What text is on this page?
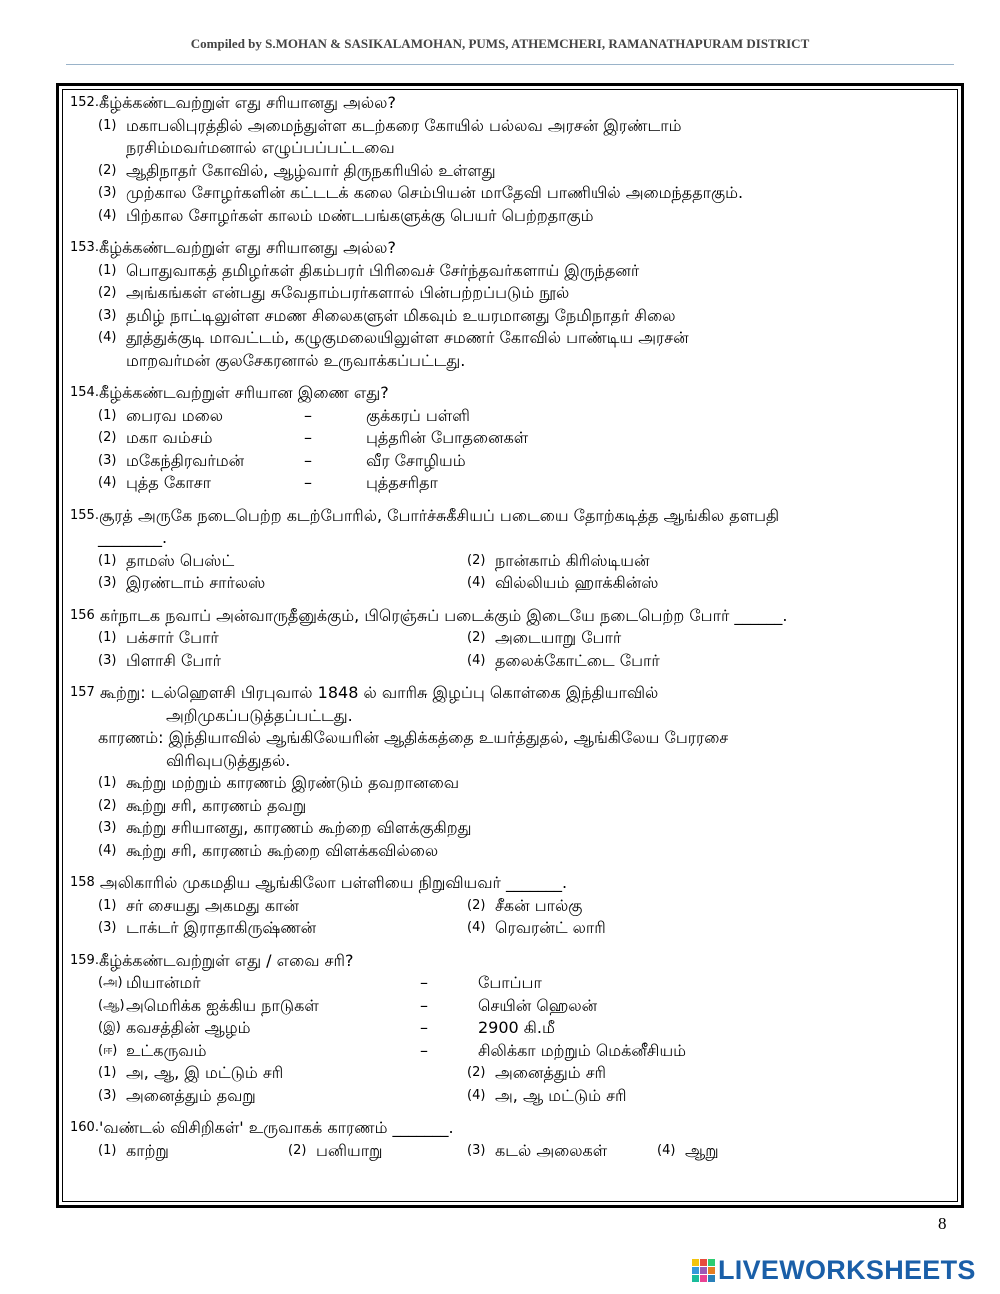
Compiled by S.MOHAN & SASIKALAMOHAN, PUMS, ATHEMCHERI, RAMANATHAPURAM DISTRICT
152. கீழ்க்கண்டவற்றுள் எது சரியானது அல்ல?
(1) மகாபலிபுரத்தில் அமைந்துள்ள கடற்கரை கோயில் பல்லவ அரசன் இரண்டாம்
நரசிம்மவர்மனால் எழுப்பப்பட்டவை
(2) ஆதிநாதர் கோவில், ஆழ்வார் திருநகரியில் உள்ளது
(3) முற்கால சோழர்களின் கட்டடக் கலை செம்பியன் மாதேவி பாணியில் அமைந்ததாகும்.
(4) பிற்கால சோழர்கள் காலம் மண்டபங்களுக்கு பெயர் பெற்றதாகும்
153. கீழ்க்கண்டவற்றுள் எது சரியானது அல்ல?
(1) பொதுவாகத் தமிழர்கள் திகம்பரர் பிரிவைச் சேர்ந்தவர்களாய் இருந்தனர்
(2) அங்கங்கள் என்பது சுவேதாம்பரர்களால் பின்பற்றப்படும் நூல்
(3) தமிழ் நாட்டிலுள்ள சமண சிலைகளுள் மிகவும் உயரமானது நேமிநாதர் சிலை
(4) தூத்துக்குடி மாவட்டம், கழுகுமலையிலுள்ள சமணர் கோவில் பாண்டிய அரசன்
மாறவர்மன் குலசேகரனால் உருவாக்கப்பட்டது.
154. கீழ்க்கண்டவற்றுள் சரியான இணை எது?
(1) பைரவ மலை	–	குக்கரப் பள்ளி
(2) மகா வம்சம்	–	புத்தரின் போதனைகள்
(3) மகேந்திரவர்மன்	–	வீர சோழியம்
(4) புத்த கோசா	–	புத்தசரிதா
155. சூரத் அருகே நடைபெற்ற கடற்போரில், போர்ச்சுகீசியப் படையை தோற்கடித்த ஆங்கில தளபதி
________.
(1) தாமஸ் பெஸ்ட்	(2) நான்காம் கிரிஸ்டியன்
(3) இரண்டாம் சார்லஸ்	(4) வில்லியம் ஹாக்கின்ஸ்
156
கர்நாடக நவாப் அன்வாருதீனுக்கும், பிரெஞ்சுப் படைக்கும் இடையே நடைபெற்ற போர் ______.
(1) பக்சார் போர்	(2) அடையாறு போர்
(3) பிளாசி போர்	(4) தலைக்கோட்டை போர்
157
கூற்று:
டல்ஹௌசி பிரபுவால் 1848 ல் வாரிசு இழப்பு கொள்கை இந்தியாவில்
அறிமுகப்படுத்தப்பட்டது.
காரணம்: இந்தியாவில் ஆங்கிலேயரின் ஆதிக்கத்தை உயர்த்துதல், ஆங்கிலேய பேரரசை
விரிவுபடுத்துதல்.
(1) கூற்று மற்றும் காரணம் இரண்டும் தவறானவை
(2) கூற்று சரி, காரணம் தவறு
(3) கூற்று சரியானது, காரணம் கூற்றை விளக்குகிறது
(4) கூற்று சரி, காரணம் கூற்றை விளக்கவில்லை
158
அலிகாரில் முகமதிய ஆங்கிலோ பள்ளியை நிறுவியவர் _______.
(1) சர் சையது அகமது கான்	(2) சீகன் பால்கு
(3) டாக்டர் இராதாகிருஷ்ணன்	(4) ரெவரன்ட் லாரி
159. கீழ்க்கண்டவற்றுள் எது / எவை சரி?
(அ) மியான்மர்	–	போப்பா
(ஆ) அமெரிக்க ஐக்கிய நாடுகள்	–	செயின் ஹெலன்
(இ) கவசத்தின் ஆழம்	–	2900 கி.மீ
(ஈ) உட்கருவம்	–	சிலிக்கா மற்றும் மெக்னீசியம்
(1) அ, ஆ, இ மட்டும் சரி	(2) அனைத்தும் சரி
(3) அனைத்தும் தவறு	(4) அ, ஆ மட்டும் சரி
160. 'வண்டல் விசிறிகள்' உருவாகக் காரணம் _______.
(1) காற்று	(2) பனியாறு	(3) கடல் அலைகள்	(4) ஆறு
8
LIVEWORKSHEETS
